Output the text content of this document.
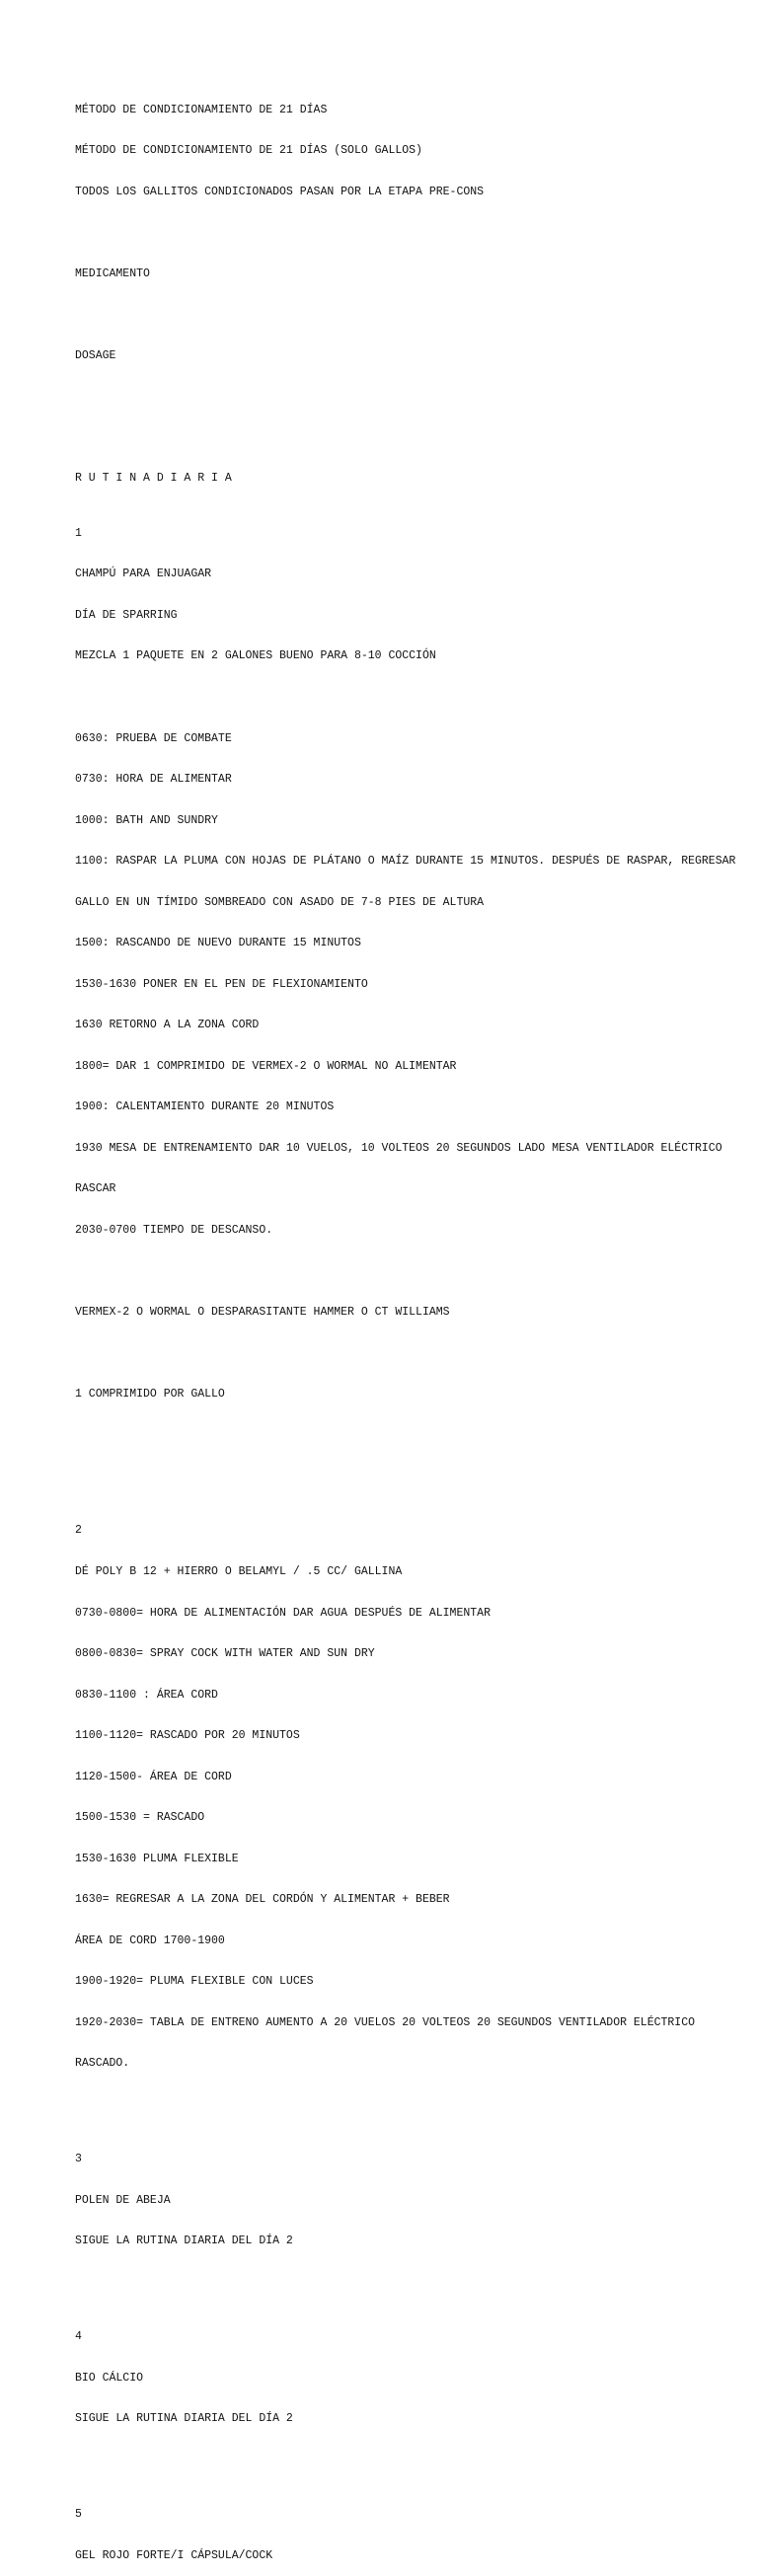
MÉTODO DE CONDICIONAMIENTO DE 21 DÍAS

MÉTODO DE CONDICIONAMIENTO DE 21 DÍAS (SOLO GALLOS)

TODOS LOS GALLITOS CONDICIONADOS PASAN POR LA ETAPA PRE-CONS

MEDICAMENTO

DOSAGE

R U T I N A D I A R I A

1

CHAMPÚ PARA ENJUAGAR

DÍA DE SPARRING

MEZCLA 1 PAQUETE EN 2 GALONES BUENO PARA 8-10 COCCIÓN

0630: PRUEBA DE COMBATE

0730: HORA DE ALIMENTAR

1000: BATH AND SUNDRY

1100: RASPAR LA PLUMA CON HOJAS DE PLÁTANO O MAÍZ DURANTE 15 MINUTOS. DESPUÉS DE RASPAR, REGRESAR

GALLO EN UN TÍMIDO SOMBREADO CON ASADO DE 7-8 PIES DE ALTURA

1500: RASCANDO DE NUEVO DURANTE 15 MINUTOS

1530-1630 PONER EN EL PEN DE FLEXIONAMIENTO

1630 RETORNO A LA ZONA CORD

1800= DAR 1 COMPRIMIDO DE VERMEX-2 O WORMAL NO ALIMENTAR

1900: CALENTAMIENTO DURANTE 20 MINUTOS

1930 MESA DE ENTRENAMIENTO DAR 10 VUELOS, 10 VOLTEOS 20 SEGUNDOS LADO MESA VENTILADOR ELÉCTRICO

RASCAR

2030-0700 TIEMPO DE DESCANSO.

VERMEX-2 O WORMAL O DESPARASITANTE HAMMER O CT WILLIAMS

1 COMPRIMIDO POR GALLO

2

DÉ POLY B 12 + HIERRO O BELAMYL / .5 CC/ GALLINA

0730-0800= HORA DE ALIMENTACIÓN DAR AGUA DESPUÉS DE ALIMENTAR

0800-0830= SPRAY COCK WITH WATER AND SUN DRY

0830-1100 : ÁREA CORD

1100-1120= RASCADO POR 20 MINUTOS

1120-1500- ÁREA DE CORD

1500-1530 = RASCADO

1530-1630 PLUMA FLEXIBLE

1630= REGRESAR A LA ZONA DEL CORDÓN Y ALIMENTAR + BEBER

ÁREA DE CORD 1700-1900

1900-1920= PLUMA FLEXIBLE CON LUCES

1920-2030= TABLA DE ENTRENO AUMENTO A 20 VUELOS 20 VOLTEOS 20 SEGUNDOS VENTILADOR ELÉCTRICO

RASCADO.

3

POLEN DE ABEJA

SIGUE LA RUTINA DIARIA DEL DÍA 2

4

BIO CÁLCIO

SIGUE LA RUTINA DIARIA DEL DÍA 2

5

GEL ROJO FORTE/I CÁPSULA/COCK
